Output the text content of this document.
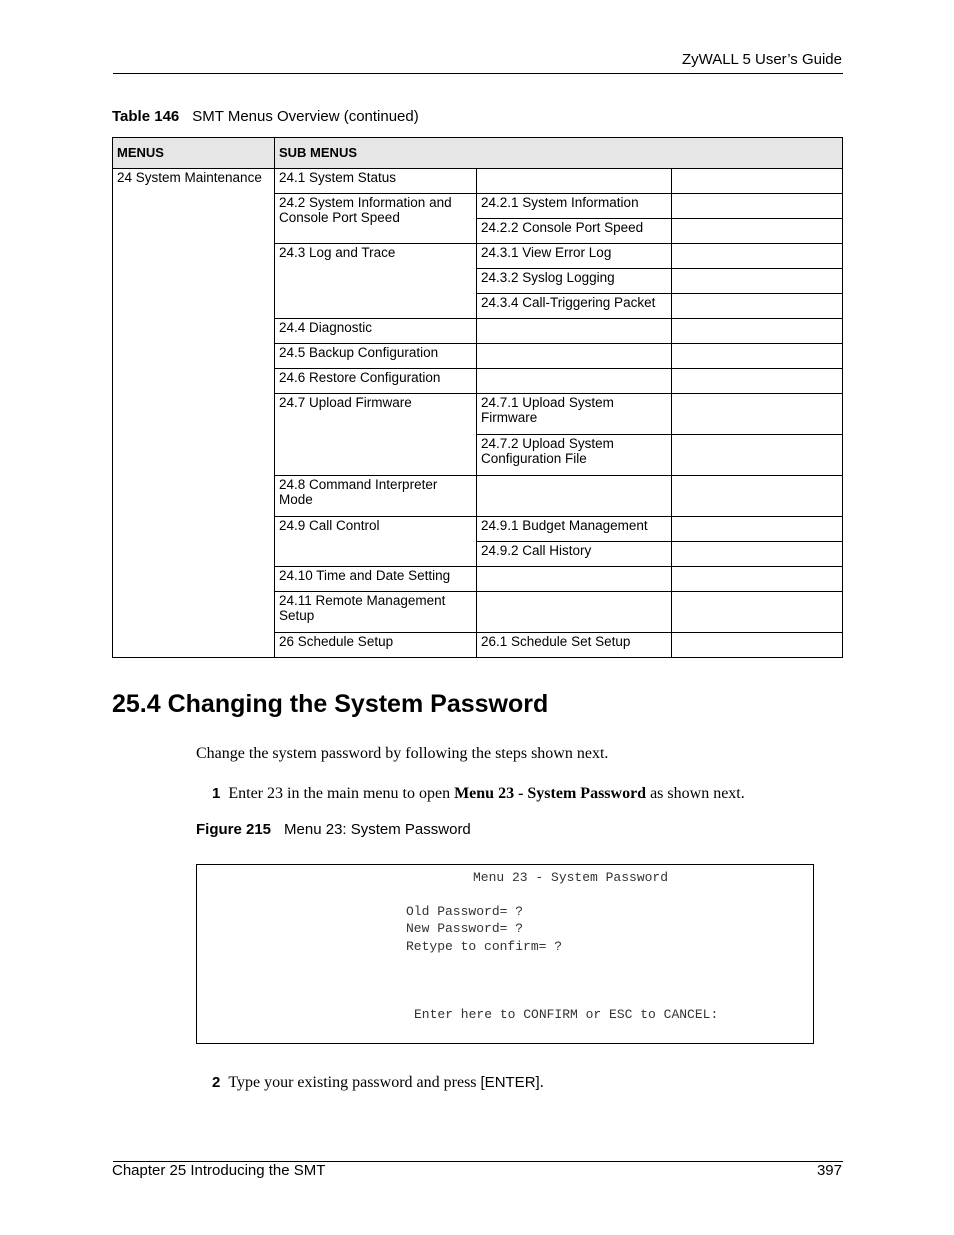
ZyWALL 5 User’s Guide
Table 146 SMT Menus Overview (continued)
MENUS	SUB MENUS			
24 System Maintenance	24.1 System Status			
	24.2 System Information and Console Port Speed	24.2.1 System Information		
		24.2.2 Console Port Speed		
	24.3 Log and Trace	24.3.1 View Error Log		
		24.3.2 Syslog Logging		
		24.3.4 Call-Triggering Packet		
	24.4 Diagnostic			
	24.5 Backup Configuration			
	24.6 Restore Configuration			
	24.7 Upload Firmware	24.7.1 Upload System Firmware		
		24.7.2 Upload System Configuration File		
	24.8 Command Interpreter Mode			
	24.9 Call Control	24.9.1 Budget Management		
		24.9.2 Call History		
	24.10 Time and Date Setting			
	24.11 Remote Management Setup			
	26 Schedule Setup	26.1 Schedule Set Setup		
25.4 Changing the System Password
Change the system password by following the steps shown next.
1 Enter 23 in the main menu to open Menu 23 - System Password as shown next.
Figure 215 Menu 23: System Password
Menu 23 - System Password
Old Password= ?
New Password= ?
Retype to confirm= ?
Enter here to CONFIRM or ESC to CANCEL:
2 Type your existing password and press [ENTER].
Chapter 25 Introducing the SMT	397
